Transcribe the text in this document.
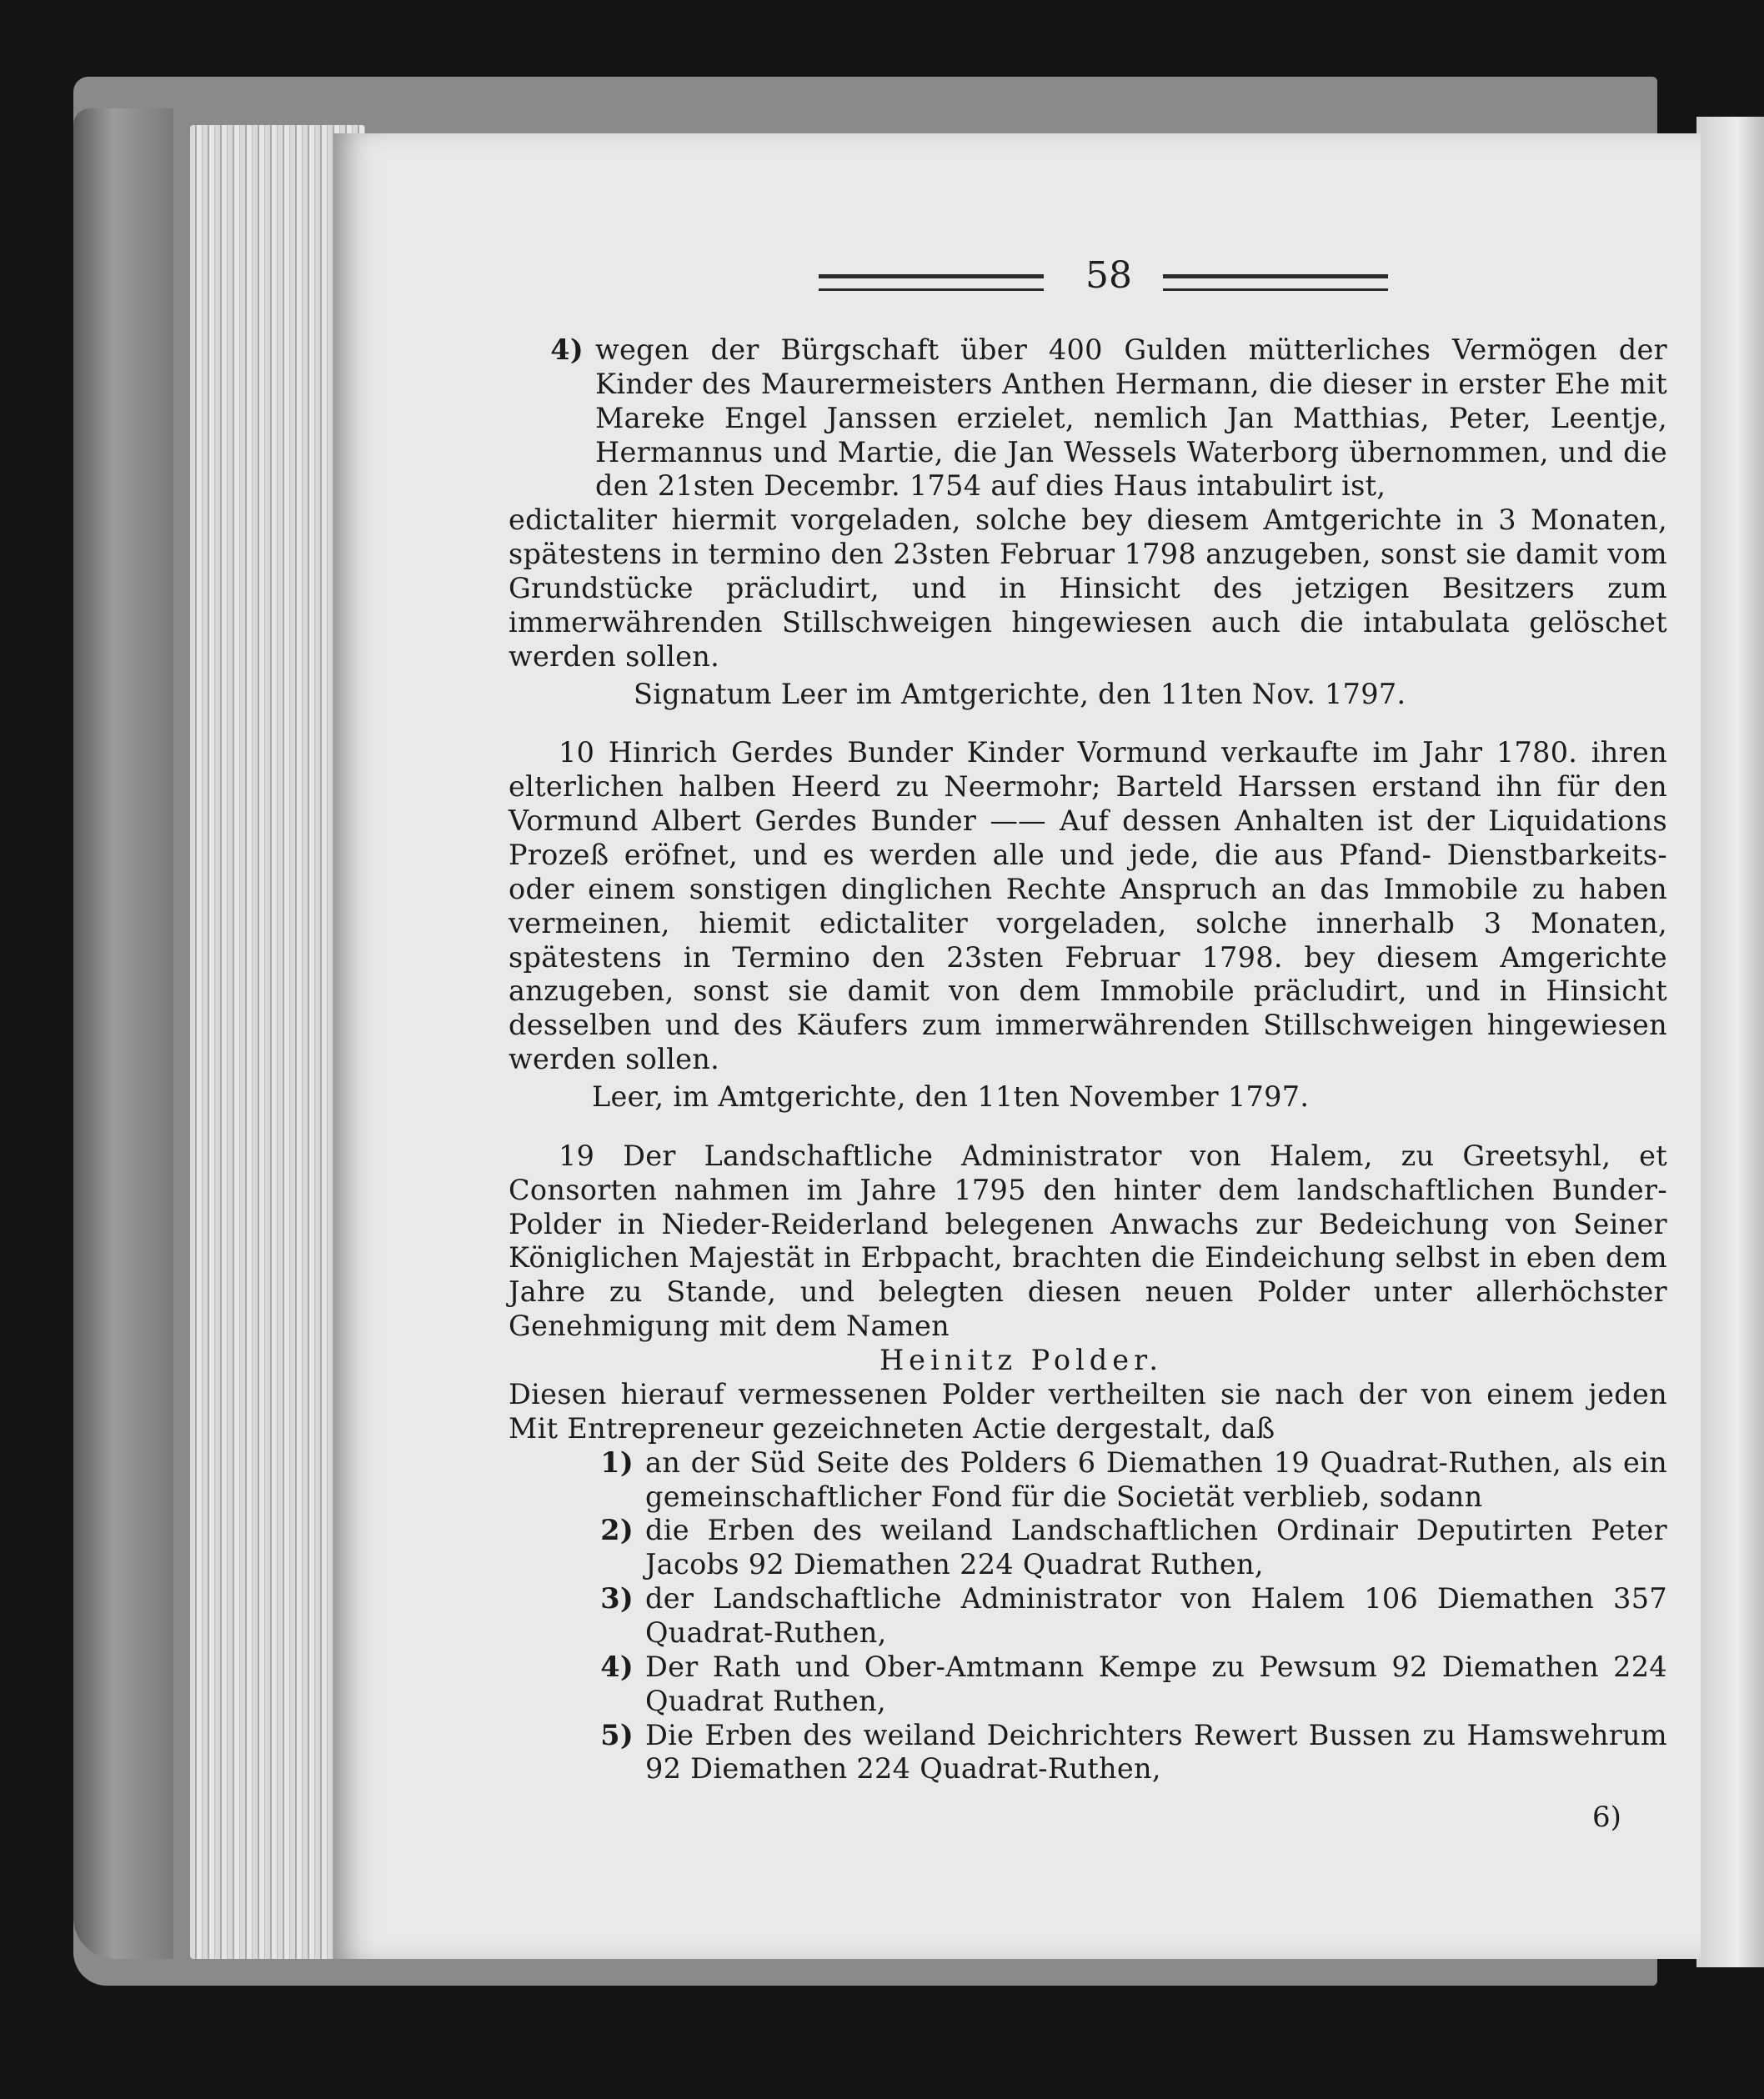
58
4) wegen der Bürgschaft über 400 Gulden mütterliches Vermögen der Kinder des Maurermeisters Anthen Hermann, die dieser in erster Ehe mit Mareke Engel Janssen erzielet, nemlich Jan Matthias, Peter, Leentje, Hermannus und Martie, die Jan Wessels Waterborg übernommen, und die den 21sten Decembr. 1754 auf dies Haus intabulirt ist,

edictaliter hiermit vorgeladen, solche bey diesem Amtgerichte in 3 Monaten, spätestens in termino den 23sten Februar 1798 anzugeben, sonst sie damit vom Grundstücke präcludirt, und in Hinsicht des jetzigen Besitzers zum immerwährenden Stillschweigen hingewiesen auch die intabulata gelöschet werden sollen.

Signatum Leer im Amtgerichte, den 11ten Nov. 1797.

10 Hinrich Gerdes Bunder Kinder Vormund verkaufte im Jahr 1780. ihren elterlichen halben Heerd zu Neermohr; Barteld Harssen erstand ihn für den Vormund Albert Gerdes Bunder —— Auf dessen Anhalten ist der Liquidations Prozeß eröfnet, und es werden alle und jede, die aus Pfand- Dienstbarkeits- oder einem sonstigen dinglichen Rechte Anspruch an das Immobile zu haben vermeinen, hiemit edictaliter vorgeladen, solche innerhalb 3 Monaten, spätestens in Termino den 23sten Februar 1798. bey diesem Amgerichte anzugeben, sonst sie damit von dem Immobile präcludirt, und in Hinsicht desselben und des Käufers zum immerwährenden Stillschweigen hingewiesen werden sollen.

Leer, im Amtgerichte, den 11ten November 1797.

19 Der Landschaftliche Administrator von Halem, zu Greetsyhl, et Consorten nahmen im Jahre 1795 den hinter dem landschaftlichen Bunder-Polder in Nieder-Reiderland belegenen Anwachs zur Bedeichung von Seiner Königlichen Majestät in Erbpacht, brachten die Eindeichung selbst in eben dem Jahre zu Stande, und belegten diesen neuen Polder unter allerhöchster Genehmigung mit dem Namen

Heinitz Polder.

Diesen hierauf vermessenen Polder vertheilten sie nach der von einem jeden Mit Entrepreneur gezeichneten Actie dergestalt, daß

1) an der Süd Seite des Polders 6 Diemathen 19 Quadrat-Ruthen, als ein gemeinschaftlicher Fond für die Societät verblieb, sodann
2) die Erben des weiland Landschaftlichen Ordinair Deputirten Peter Jacobs 92 Diemathen 224 Quadrat Ruthen,
3) der Landschaftliche Administrator von Halem 106 Diemathen 357 Quadrat-Ruthen,
4) Der Rath und Ober-Amtmann Kempe zu Pewsum 92 Diemathen 224 Quadrat Ruthen,
5) Die Erben des weiland Deichrichters Rewert Bussen zu Hamswehrum 92 Diemathen 224 Quadrat-Ruthen,
6)
